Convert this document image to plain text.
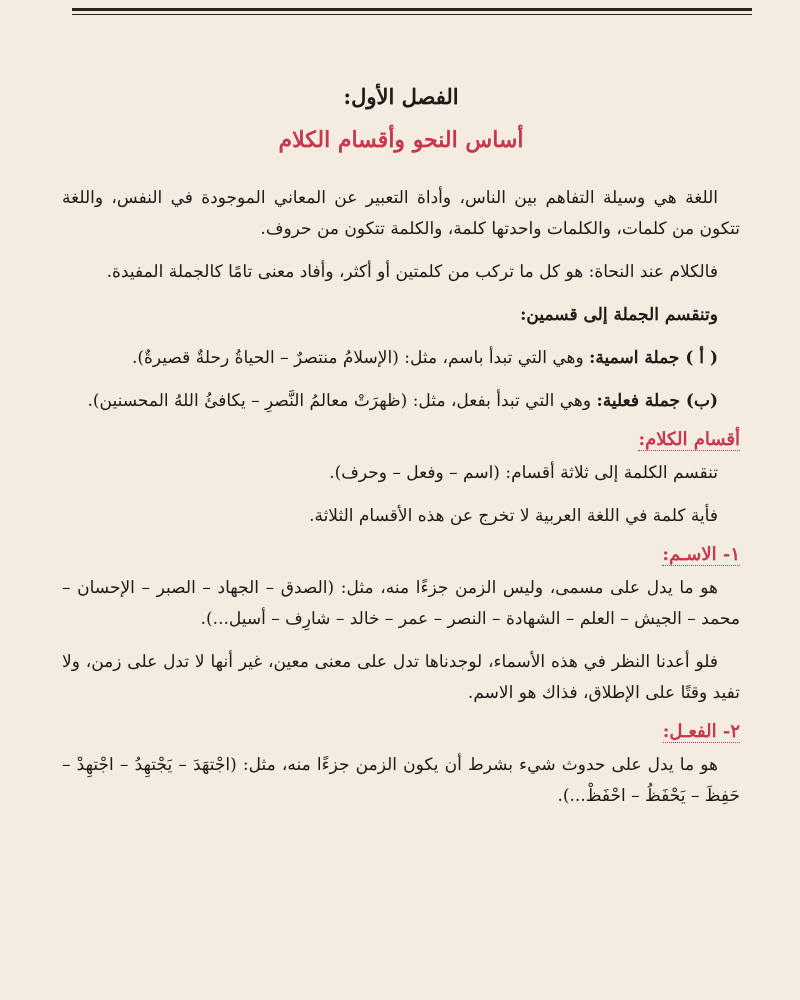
الفصل الأول:
أساس النحو وأقسام الكلام

اللغة هي وسيلة التفاهم بين الناس، وأداة التعبير عن المعاني الموجودة في النفس، واللغة تتكون من كلمات، والكلمات واحدتها كلمة، والكلمة تتكون من حروف.

فالكلام عند النحاة: هو كل ما تركب من كلمتين أو أكثر، وأفاد معنى تامًا كالجملة المفيدة.

وتنقسم الجملة إلى قسمين:

( أ ) جملة اسمية: وهي التي تبدأ باسم، مثل: (الإسلامُ منتصرٌ – الحياةُ رحلةٌ قصيرةٌ).

(ب) جملة فعلية: وهي التي تبدأ بفعل، مثل: (ظهرَتْ معالمُ النَّصرِ – يكافئُ اللهُ المحسنين).

أقسام الكلام:

تنقسم الكلمة إلى ثلاثة أقسام: (اسم – وفعل – وحرف).

فأية كلمة في اللغة العربية لا تخرج عن هذه الأقسام الثلاثة.

١- الاسـم:

هو ما يدل على مسمى، وليس الزمن جزءًا منه، مثل: (الصدق – الجهاد – الصبر – الإحسان – محمد – الجيش – العلم – الشهادة – النصر – عمر – خالد – شارِف – أسيل...).

فلو أعدنا النظر في هذه الأسماء، لوجدناها تدل على معنى معين، غير أنها لا تدل على زمن، ولا تفيد وقتًا على الإطلاق، فذاك هو الاسم.

٢- الفعـل:

هو ما يدل على حدوث شيء بشرط أن يكون الزمن جزءًا منه، مثل: (اجْتهَدَ – يَجْتهِدُ – اجْتهِدْ – حَفِظَ – يَحْفَظُ – احْفَظْ...).
